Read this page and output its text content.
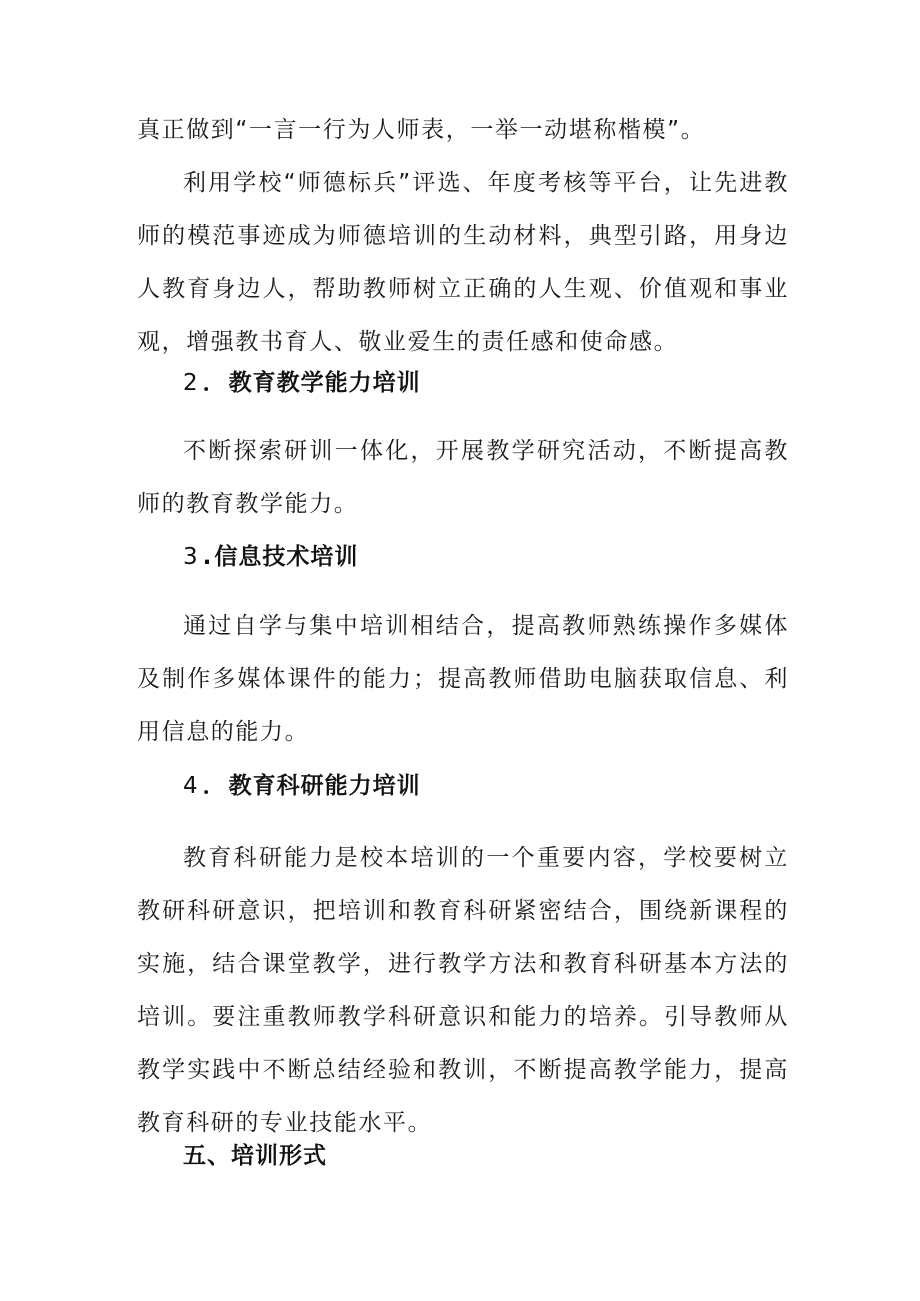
真正做到“一言一行为人师表，一举一动堪称楷模”。

利用学校“师德标兵”评选、年度考核等平台，让先进教师的模范事迹成为师德培训的生动材料，典型引路，用身边人教育身边人，帮助教师树立正确的人生观、价值观和事业观，增强教书育人、敬业爱生的责任感和使命感。

2 ．教育教学能力培训

不断探索研训一体化，开展教学研究活动，不断提高教师的教育教学能力。

3 .信息技术培训

通过自学与集中培训相结合，提高教师熟练操作多媒体及制作多媒体课件的能力；提高教师借助电脑获取信息、利用信息的能力。

4 ．教育科研能力培训

教育科研能力是校本培训的一个重要内容，学校要树立教研科研意识，把培训和教育科研紧密结合，围绕新课程的实施，结合课堂教学，进行教学方法和教育科研基本方法的培训。要注重教师教学科研意识和能力的培养。引导教师从教学实践中不断总结经验和教训，不断提高教学能力，提高教育科研的专业技能水平。

五、培训形式
